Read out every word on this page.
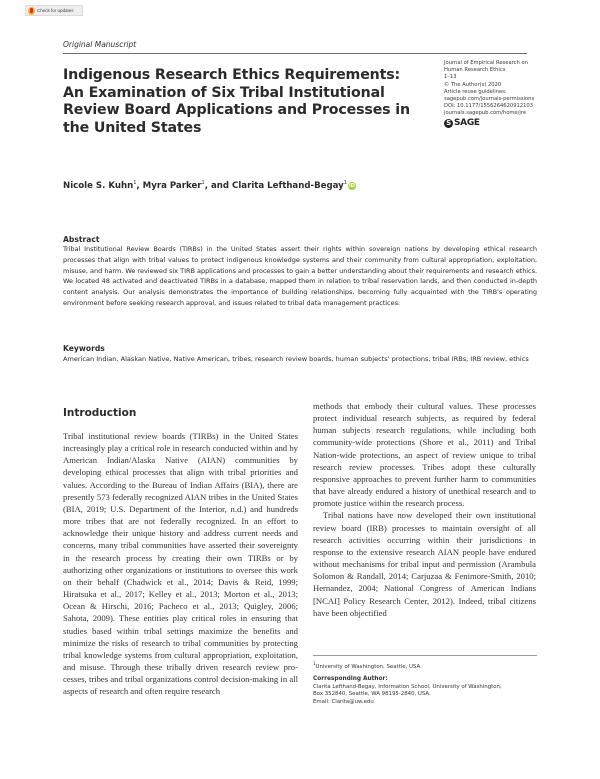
Check for updates
Original Manuscript
Indigenous Research Ethics Requirements: An Examination of Six Tribal Institutional Review Board Applications and Processes in the United States
Journal of Empirical Research on
Human Research Ethics
1–13
© The Author(s) 2020
Article reuse guidelines:
sagepub.com/journals-permissions
DOI: 10.1177/1556264620912103
journals.sagepub.com/home/jre
S SAGE
Nicole S. Kuhn$^1$ , Myra Parker$^1$ , and Clarita Lefthand-Begay$^1$ iD
Abstract
Tribal Institutional Review Boards (TIRBs) in the United States assert their rights within sovereign nations by developing ethical research processes that align with tribal values to protect indigenous knowledge systems and their community from cultural appropriation, exploitation, misuse, and harm. We reviewed six TIRB applications and processes to gain a better understanding about their requirements and research ethics. We located 48 activated and deactivated TIRBs in a database, mapped them in relation to tribal reservation lands, and then conducted in-depth content analysis. Our analysis demonstrates the importance of building relationships, becoming fully acquainted with the TIRB's operating environment before seeking research approval, and issues related to tribal data management practices.
Keywords
American Indian, Alaskan Native, Native American, tribes, research review boards, human subjects' protections, tribal IRBs, IRB review, ethics
Introduction

Tribal institutional review boards (TIRBs) in the United States increasingly play a critical role in research conducted within and by American Indian/Alaska Native (AIAN) communities by developing ethical processes that align with tribal priorities and values. According to the Bureau of Indian Affairs (BIA), there are presently 573 federally recognized AIAN tribes in the United States (BIA, 2019; U.S. Department of the Interior, n.d.) and hundreds more tribes that are not federally recognized. In an effort to acknowledge their unique history and address current needs and concerns, many tribal communities have asserted their sovereignty in the research process by creating their own TIRBs or by authorizing other organizations or institutions to oversee this work on their behalf (Chadwick et al., 2014; Davis & Reid, 1999; Hiratsuka et al., 2017; Kelley et al., 2013; Morton et al., 2013; Ocean & Hirschi, 2016; Pacheco et al., 2013; Quigley, 2006; Sahota, 2009). These entities play critical roles in ensuring that studies based within tribal settings maximize the benefits and minimize the risks of research to tribal communities by protecting tribal knowledge systems from cultural appropriation, exploitation, and misuse. Through these tribally driven research review processes, tribes and tribal organizations control decision-making in all aspects of research and often require research

methods that embody their cultural values. These processes protect individual research subjects, as required by federal human subjects research regulations, while including both community-wide protections (Shore et al., 2011) and Tribal Nation-wide protections, an aspect of review unique to tribal research review processes. Tribes adopt these culturally responsive approaches to prevent further harm to communities that have already endured a history of unethical research and to promote justice within the research process.

Tribal nations have now developed their own institutional review board (IRB) processes to maintain oversight of all research activities occurring within their jurisdictions in response to the extensive research AIAN people have endured without mechanisms for tribal input and permission (Arambula Solomon & Randall, 2014; Carjuzaa & Fenimore-Smith, 2010; Hernandez, 2004; National Congress of American Indians [NCAI] Policy Research Center, 2012). Indeed, tribal citizens have been objectified

$^1$University of Washington, Seattle, USA
Corresponding Author:
Clarita Lefthand-Begay, Information School, University of Washington,
Box 352840, Seattle, WA 98195-2840, USA.
Email: Clarita@uw.edu
